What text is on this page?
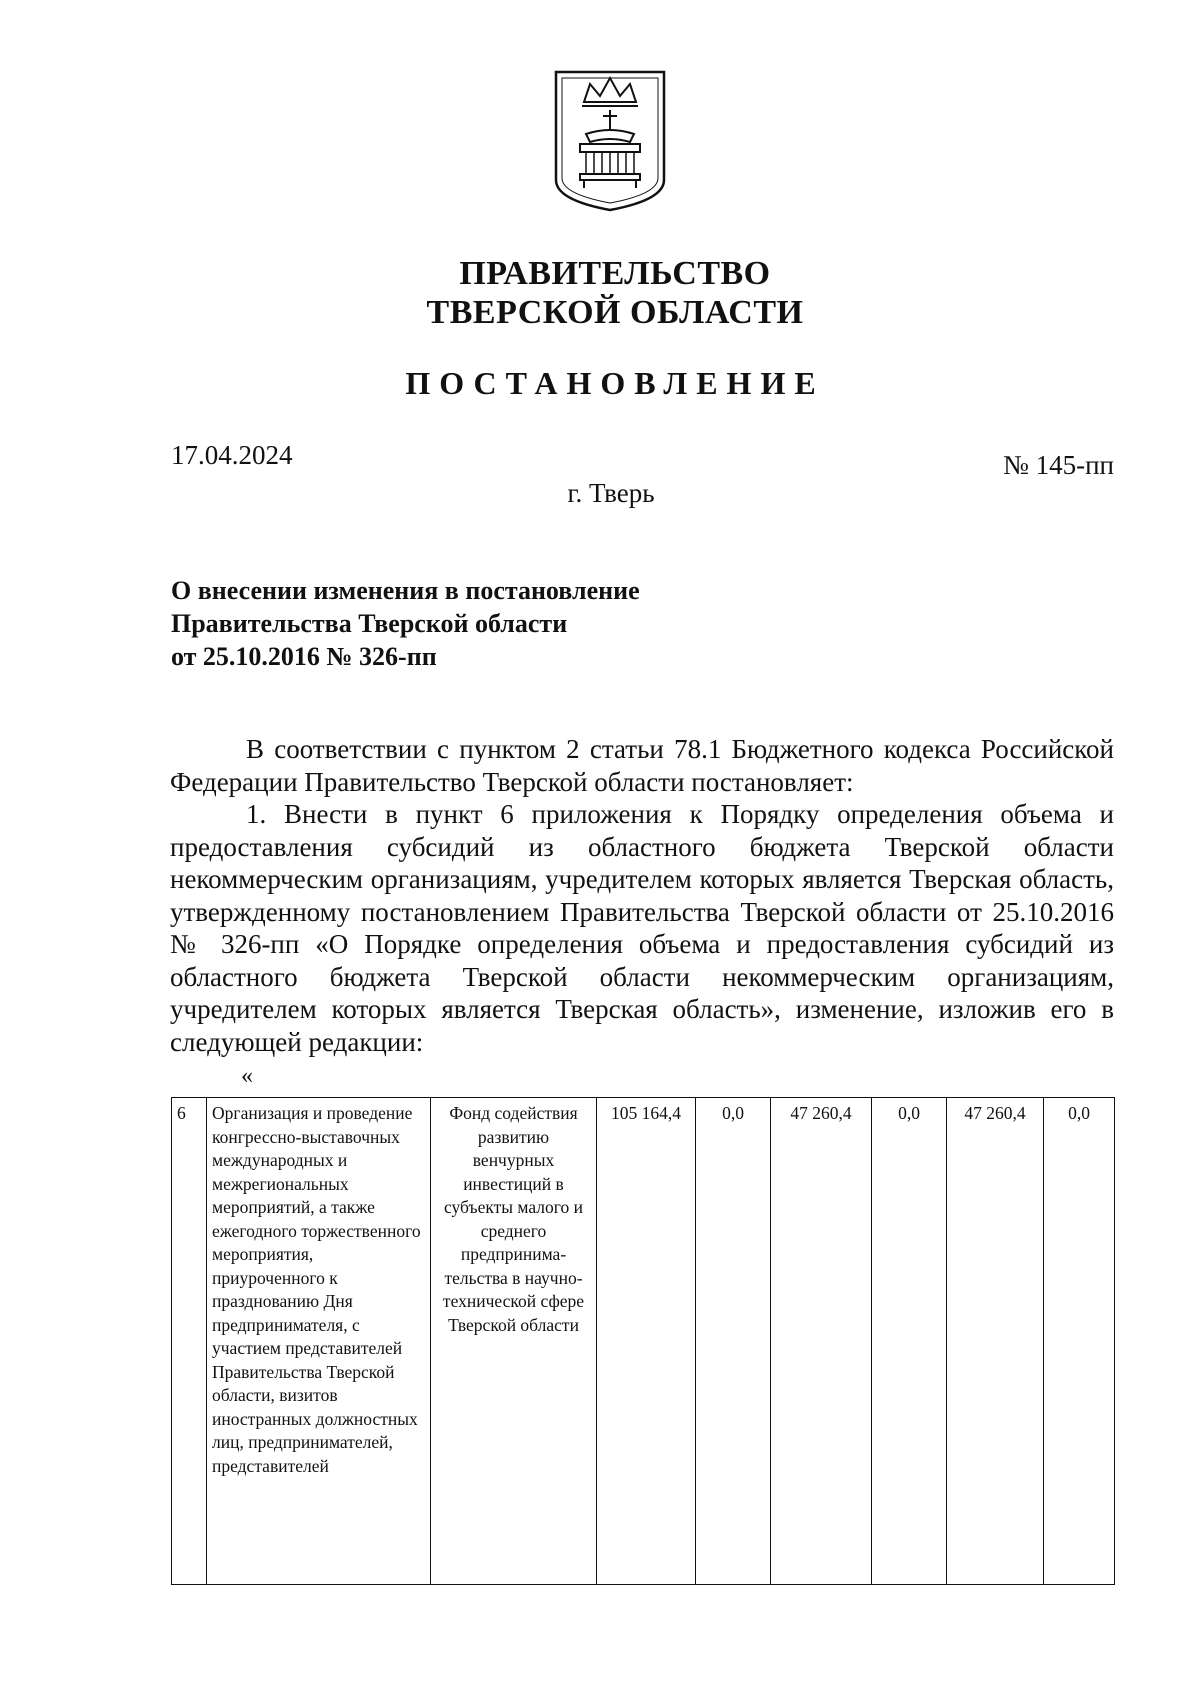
ПРАВИТЕЛЬСТВО
ТВЕРСКОЙ ОБЛАСТИ
ПОСТАНОВЛЕНИЕ
17.04.2024	№ 145-пп
г. Тверь
О внесении изменения в постановление
Правительства Тверской области
от 25.10.2016 № 326-пп

В соответствии с пунктом 2 статьи 78.1 Бюджетного кодекса Российской Федерации Правительство Тверской области постановляет:

1. Внести в пункт 6 приложения к Порядку определения объема и предоставления субсидий из областного бюджета Тверской области некоммерческим организациям, учредителем которых является Тверская область, утвержденному постановлением Правительства Тверской области от 25.10.2016 № 326-пп «О Порядке определения объема и предоставления субсидий из областного бюджета Тверской области некоммерческим организациям, учредителем которых является Тверская область», изменение, изложив его в следующей редакции:

«
6	Организация и проведение конгрессно-выставочных международных и межрегиональных мероприятий, а также ежегодного торжественного мероприятия, приуроченного к празднованию Дня предпринимателя, с участием представителей Правительства Тверской области, визитов иностранных должностных лиц, предпринимателей, представителей	Фонд содействия развитию венчурных инвестиций в субъекты малого и среднего предпринима-тельства в научно-технической сфере Тверской области	105 164,4	0,0	47 260,4	0,0	47 260,4	0,0
